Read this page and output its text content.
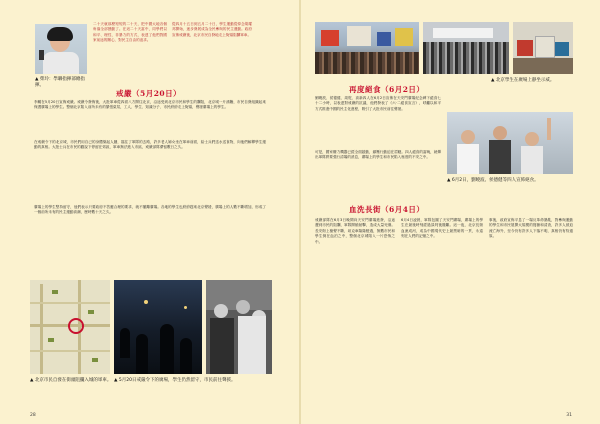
▲ 柴玲：學聯指揮部總指揮。
二十天就那麼短短的二十天，把中國大地各個角落全部撼動了。在這二十天當中，同學們以和平、理性、非暴力的方式，表達了他們對國家前途的關心，對民主自由的追求。
從四月十五日到五月二十日，學生運動從悼念胡耀邦開始，逐步發展成為全民參與的民主運動。政府宣佈戒嚴後，北京市民自發地走上街頭阻攔軍車。
戒嚴（5月20日）
李鵬在5月20日宣佈戒嚴。戒嚴令發佈後，大批軍車從四面八方開往北京，沿途受到北京市民和學生的攔阻，北京城一片沸騰，市民自發組織起來保護廣場上的學生。整個北京陷入前所未有的緊張氣氛，工人、學生、知識分子、市民紛紛走上街頭，聲援廣場上的學生。
在戒嚴令下的北京城，市民們用自己的身體築起人牆，擋住了軍隊的去路，許多老人婦女坐在軍車前面，給士兵們送水送食物，向他們解釋學生運動的真相。大批士兵在市民的勸說下停留在郊區，軍車無法進入市區，戒嚴部隊滯留數日之久。
廣場上的學生堅持留守，他們表示只要政府不答應合理的要求，就不撤離廣場。各地的學生也紛紛趕來北京聲援，廣場上的人數不斷增加，形成了一個前所未有的民主運動高潮，歷時數十天之久。
▲ 北京市民自發在街頭阻攔入城的軍車。 ▲ 5月20日戒嚴令下的廣場，學生仍然留守，市民前往聲援。
28
▲ 北京學生在廣場上靜坐示威。
再度絕食（6月2日）
劉曉波、侯德健、周舵、高新四人在6月2日宣佈在天安門廣場紀念碑下絕食七十二小時，以表達對戒嚴的抗議，他們發表了《六·二絕食宣言》，呼籲以和平方式推進中國的民主化進程，吸引了大批市民前往聲援。
可是，國家權力機器已經全面啟動，鎮壓行動迫在眉睫。四人絕食的當晚，就傳出軍隊將要強行清場的消息，廣場上的學生和市民陷入極度的不安之中。
▲ 6月2日，劉曉波、侯德健等四人宣佈絕食。
血洗長街（6月4日）
戒嚴部隊在6月3日晚間向天安門廣場進發，沿途遭到市民的阻攔，軍隊開槍射擊，造成大量死傷。長安街上槍聲不斷，坦克車隆隆駛過，無數市民和學生倒在血泊之中，整個北京城陷入一片恐怖之中。
6月4日凌晨，軍隊包圍了天安門廣場，廣場上的學生在最後時刻經過談判後撤離。這一夜，北京長街血流成河，成為中國現代史上最黑暗的一頁，永遠刻在人們的記憶之中。
事後，政府宣佈平息了一場反革命暴亂，對參與運動的學生和市民展開大規模的搜捕和清查，許多人被迫流亡海外，至今仍有許多人下落不明，真相仍有待還原。
31
